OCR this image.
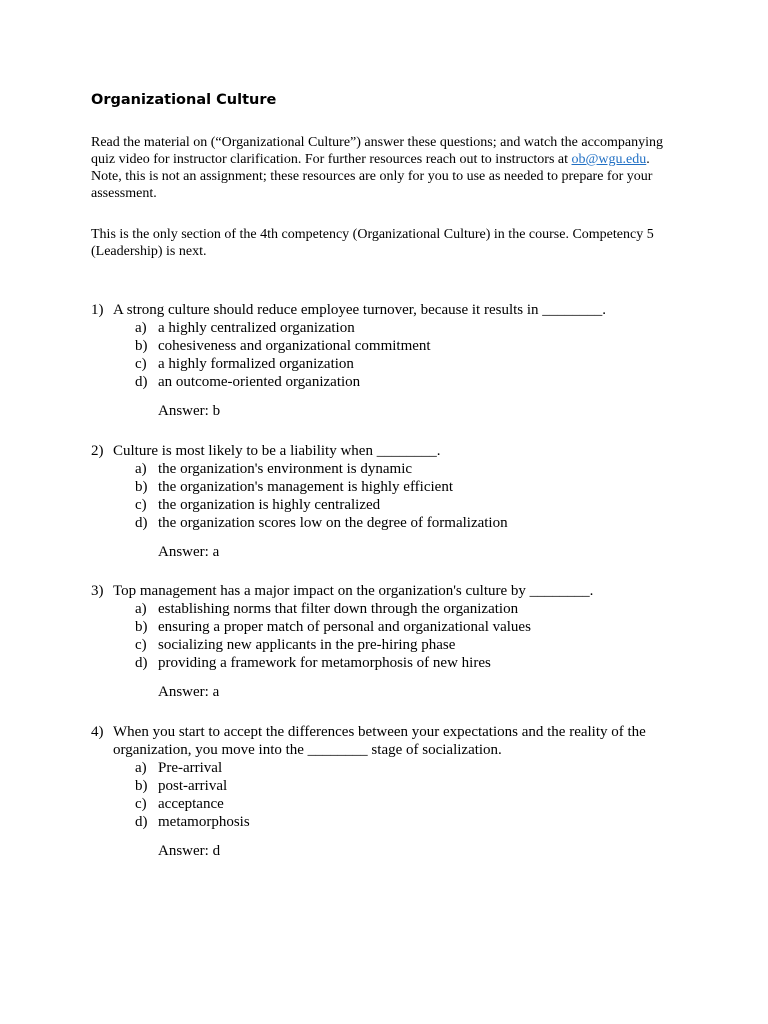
Organizational Culture

Read the material on (“Organizational Culture”) answer these questions; and watch the accompanying quiz video for instructor clarification. For further resources reach out to instructors at ob@wgu.edu. Note, this is not an assignment; these resources are only for you to use as needed to prepare for your assessment.

This is the only section of the 4th competency (Organizational Culture) in the course. Competency 5 (Leadership) is next.

1) A strong culture should reduce employee turnover, because it results in ________.
a) a highly centralized organization
b) cohesiveness and organizational commitment
c) a highly formalized organization
d) an outcome-oriented organization
Answer: b
2) Culture is most likely to be a liability when ________.
a) the organization's environment is dynamic
b) the organization's management is highly efficient
c) the organization is highly centralized
d) the organization scores low on the degree of formalization
Answer: a
3) Top management has a major impact on the organization's culture by ________.
a) establishing norms that filter down through the organization
b) ensuring a proper match of personal and organizational values
c) socializing new applicants in the pre-hiring phase
d) providing a framework for metamorphosis of new hires
Answer: a
4) When you start to accept the differences between your expectations and the reality of the organization, you move into the ________ stage of socialization.
a) Pre-arrival
b) post-arrival
c) acceptance
d) metamorphosis
Answer: d
